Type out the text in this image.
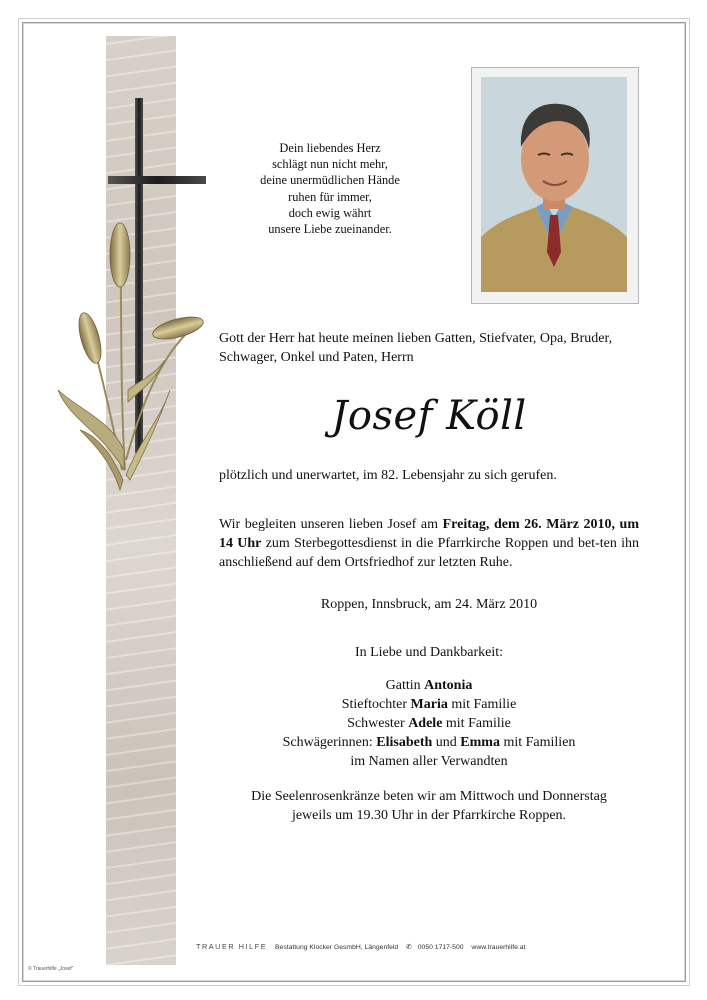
Dein liebendes Herz
schlägt nun nicht mehr,
deine unermüdlichen Hände
ruhen für immer,
doch ewig währt
unsere Liebe zueinander.
Gott der Herr hat heute meinen lieben Gatten, Stiefvater, Opa, Bruder,
Schwager, Onkel und Paten, Herrn
Josef Köll
plötzlich und unerwartet, im 82. Lebensjahr zu sich gerufen.
Wir begleiten unseren lieben Josef am Freitag, dem 26. März 2010, um 14 Uhr zum Sterbegottesdienst in die Pfarrkirche Roppen und bet-ten ihn anschließend auf dem Ortsfriedhof zur letzten Ruhe.
Roppen, Innsbruck, am 24. März 2010
In Liebe und Dankbarkeit:
Gattin Antonia
Stieftochter Maria mit Familie
Schwester Adele mit Familie
Schwägerinnen: Elisabeth und Emma mit Familien
im Namen aller Verwandten
Die Seelenrosenkränze beten wir am Mittwoch und Donnerstag
jeweils um 19.30 Uhr in der Pfarrkirche Roppen.
TRAUER HILFE Bestattung Klocker GesmbH, Längenfeld ✆ 0050 1717-500 www.trauerhilfe.at
© Trauerhilfe „Josef“
